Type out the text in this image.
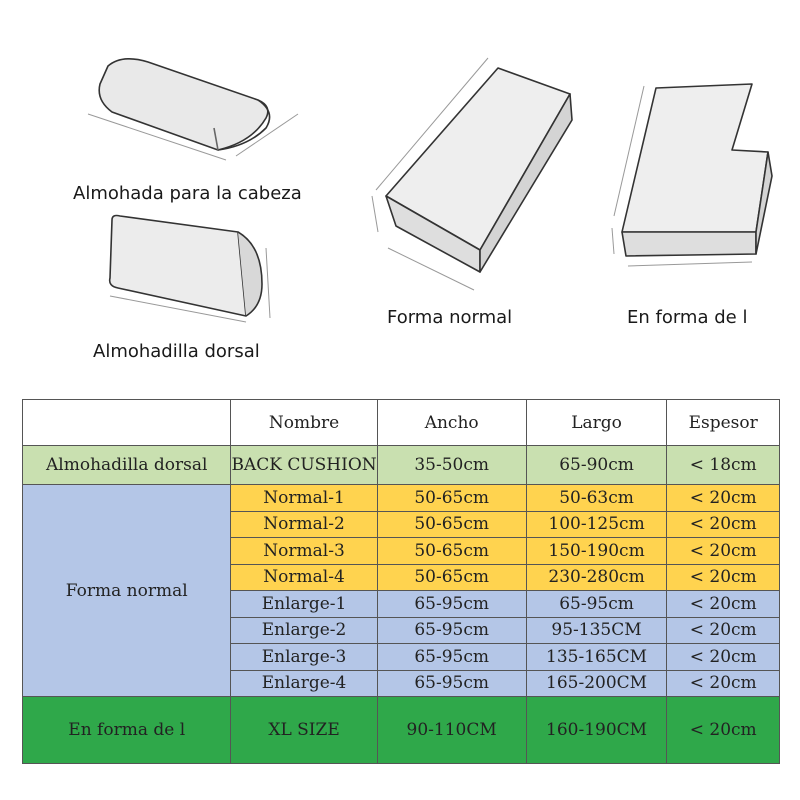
Almohada para la cabeza
Almohadilla dorsal
Forma normal	En forma de l
	Nombre	Ancho	Largo	Espesor
Almohadilla dorsal	BACK CUSHION	35-50cm	65-90cm	< 18cm
Forma normal	Normal-1	50-65cm	50-63cm	< 20cm
	Normal-2	50-65cm	100-125cm	< 20cm
	Normal-3	50-65cm	150-190cm	< 20cm
	Normal-4	50-65cm	230-280cm	< 20cm
	Enlarge-1	65-95cm	65-95cm	< 20cm
	Enlarge-2	65-95cm	95-135CM	< 20cm
	Enlarge-3	65-95cm	135-165CM	< 20cm
	Enlarge-4	65-95cm	165-200CM	< 20cm
En forma de l	XL SIZE	90-110CM	160-190CM	< 20cm
